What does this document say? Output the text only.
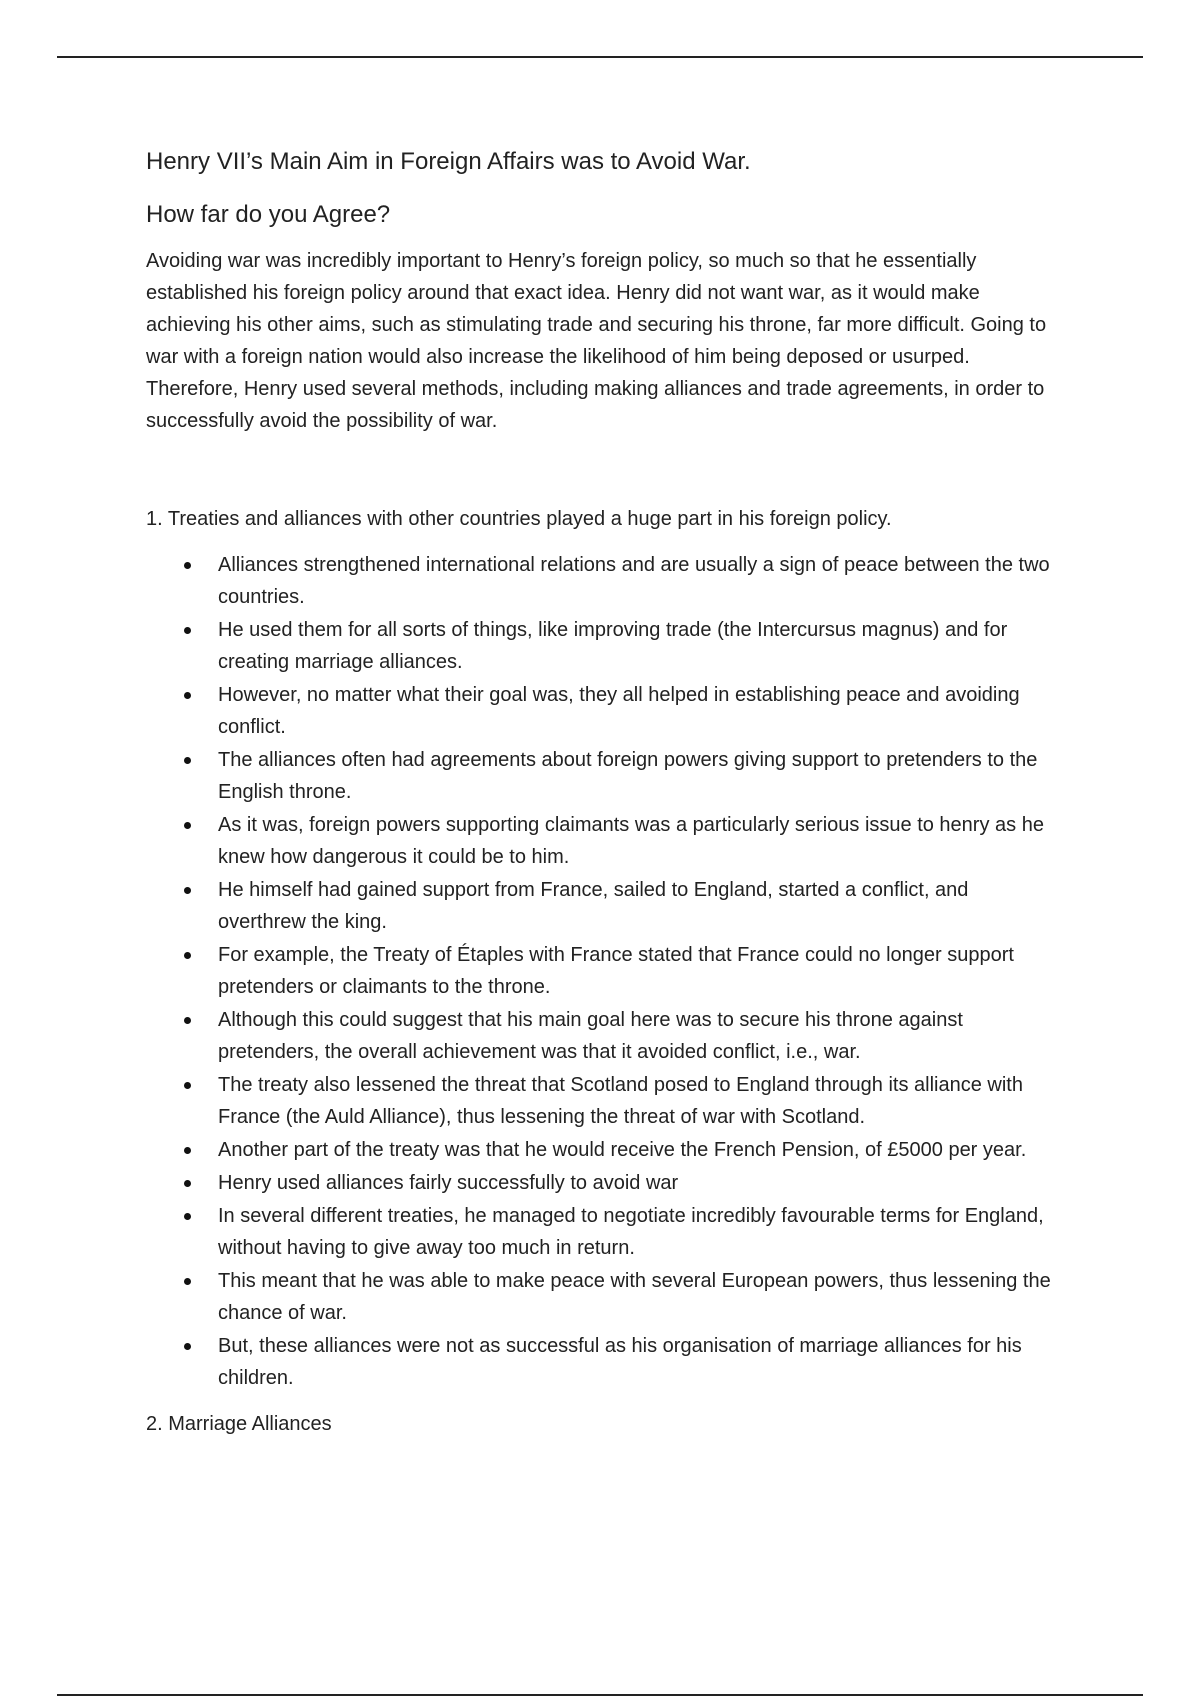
Henry VII’s Main Aim in Foreign Affairs was to Avoid War.
How far do you Agree?

Avoiding war was incredibly important to Henry’s foreign policy, so much so that he essentially established his foreign policy around that exact idea. Henry did not want war, as it would make achieving his other aims, such as stimulating trade and securing his throne, far more difficult. Going to war with a foreign nation would also increase the likelihood of him being deposed or usurped. Therefore, Henry used several methods, including making alliances and trade agreements, in order to successfully avoid the possibility of war.

1. Treaties and alliances with other countries played a huge part in his foreign policy.

Alliances strengthened international relations and are usually a sign of peace between the two countries.
He used them for all sorts of things, like improving trade (the Intercursus magnus) and for creating marriage alliances.
However, no matter what their goal was, they all helped in establishing peace and avoiding conflict.
The alliances often had agreements about foreign powers giving support to pretenders to the English throne.
As it was, foreign powers supporting claimants was a particularly serious issue to henry as he knew how dangerous it could be to him.
He himself had gained support from France, sailed to England, started a conflict, and overthrew the king.
For example, the Treaty of Étaples with France stated that France could no longer support pretenders or claimants to the throne.
Although this could suggest that his main goal here was to secure his throne against pretenders, the overall achievement was that it avoided conflict, i.e., war.
The treaty also lessened the threat that Scotland posed to England through its alliance with France (the Auld Alliance), thus lessening the threat of war with Scotland.
Another part of the treaty was that he would receive the French Pension, of £5000 per year.
Henry used alliances fairly successfully to avoid war
In several different treaties, he managed to negotiate incredibly favourable terms for England, without having to give away too much in return.
This meant that he was able to make peace with several European powers, thus lessening the chance of war.
But, these alliances were not as successful as his organisation of marriage alliances for his children.

2. Marriage Alliances
